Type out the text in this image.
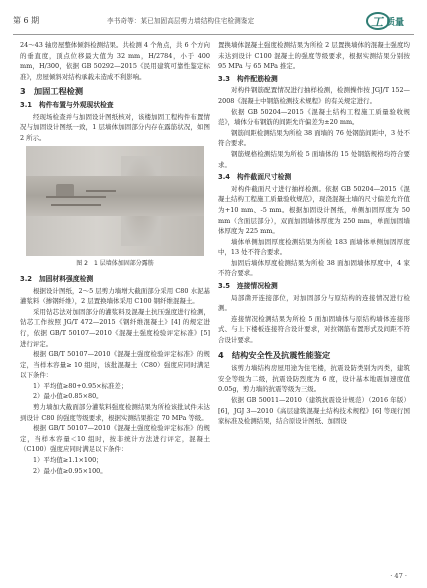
第 6 期	李书奇等：某已加固高层剪力墙结构住宅检测鉴定	工 质量

24～43 轴房屋整体倾斜检测结果。共检测 4 个角点，共 6 个方向的垂直度，顶点位移最大值为 32 mm，H/2784，小于 400 mm，H/300，依据 GB 50292—2015《民用建筑可靠性鉴定标准》，房屋倾斜对结构承载未造成不利影响。

3　加固工程检测
3.1　构件布置与外观现状检查

经现场检查并与加固设计图纸核对，该楼加固工程构件布置情况与加固设计图纸一致，1 层墙体加固部分内存在露筋状况，如图 2 所示。

图 2　1 层墙体加固部分露筋
3.2　加固材料强度检测

根据设计图纸，2～5 层剪力墙增大截面部分采用 C80 水泥基灌浆料（掺钢纤维），2 层置换墙体采用 C100 钢纤维混凝土。

采用钻芯法对加固部分的灌浆料及混凝土抗压强度进行检测，钻芯工作按照 JG/T 472—2015《钢纤维混凝土》[4] 的规定进行，依据 GB/T 50107—2010《混凝土强度检验评定标准》[5] 进行评定。

根据 GB/T 50107—2010《混凝土强度检验评定标准》的规定，当样本容量≥ 10 组时，该批混凝土（C80）强度应同时满足以下条件：

1）平均值≥80+0.95×标准差；

2）最小值≥0.85×80。

剪力墙加大截面部分灌浆料强度检测结果为所检该批试件未达到设计 C80 的强度等级要求，根据实测结果推定 70 MPa 等级。

根据 GB/T 50107—2010《混凝土强度检验评定标准》的规定，当样本容量＜10 组时，按非统计方法进行评定，混凝土（C100）强度应同时满足以下条件：

1）平均值≥1.1×100；

2）最小值≥0.95×100。

置换墙体混凝土强度检测结果为所检 2 层置换墙体的混凝土强度均未达到设计 C100 混凝土的强度等级要求，根据实测结果分别按 95 MPa 与 65 MPa 推定。

3.3　构件配筋检测

对构件钢筋配置情况进行抽样检测，检测操作按 JGJ/T 152—2008《混凝土中钢筋检测技术规程》的有关规定进行。

依据 GB 50204—2015《混凝土结构工程施工质量验收规范》，墙体分布钢筋的间距允许偏差为±20 mm。

钢筋间距检测结果为所检 38 面墙的 76 处钢筋间距中，3 处不符合要求。

钢筋规格检测结果为所检 5 面墙体的 15 处钢筋规格均符合要求。

3.4　构件截面尺寸检测

对构件截面尺寸进行抽样检测。依据 GB 50204—2015《混凝土结构工程施工质量验收规范》，现浇混凝土墙的尺寸偏差允许值为+10 mm、-5 mm。根据加固设计图纸，单侧加固厚度为 50 mm（含面层部分），双面加固墙体厚度为 250 mm，单面加固墙体厚度为 225 mm。

墙体单侧加固厚度检测结果为所检 183 面墙体单侧加固厚度中，13 处不符合要求。

加固后墙体厚度检测结果为所检 38 面加固墙体厚度中，4 家不符合要求。

3.5　连接情况检测

局部凿开连接部位，对加固部分与原结构的连接情况进行检测。

连接情况检测结果为所检 5 面加固墙体与原结构墙体连接形式、与上下楼板连接符合设计要求，对拉钢筋布置形式及间距不符合设计要求。

4　结构安全性及抗震性能鉴定

该剪力墙结构房屋用途为住宅楼，抗震设防类别为丙类，建筑安全等级为二级，抗震设防烈度为 6 度，设计基本地震加速度值 0.05g，剪力墙的抗震等级为三级。

依据 GB 50011—2010（建筑抗震设计规范）（2016 年版）[6]，JGJ 3—2010《高层建筑混凝土结构技术规程》[6] 等现行国家标准及检测结果，结合原设计图纸、加固设

· 47 ·
